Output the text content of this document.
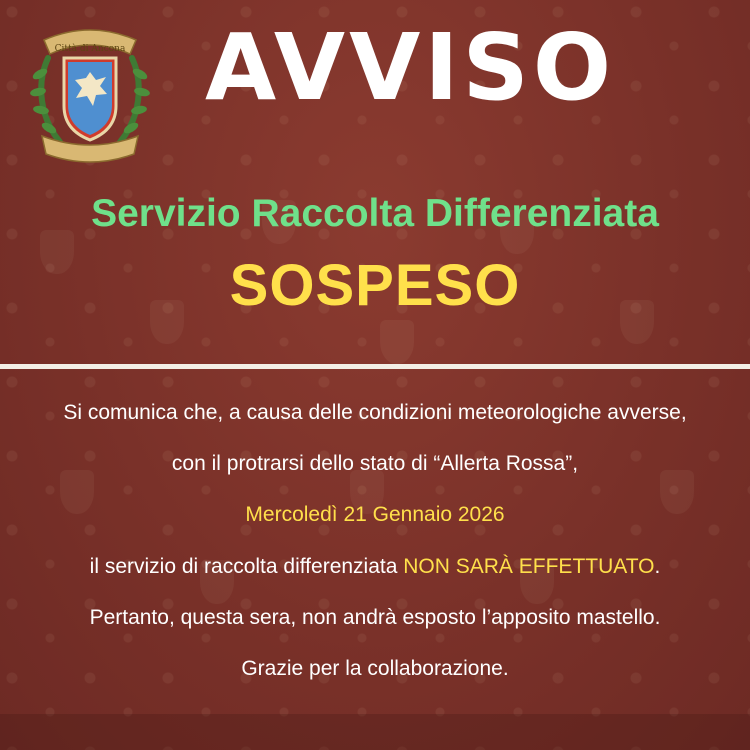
Città di Ancona AVVISO
Servizio Raccolta Differenziata
SOSPESO

Si comunica che, a causa delle condizioni meteorologiche avverse,

con il protrarsi dello stato di “Allerta Rossa”,

Mercoledì 21 Gennaio 2026

il servizio di raccolta differenziata NON SARÀ EFFETTUATO.

Pertanto, questa sera, non andrà esposto l’apposito mastello.

Grazie per la collaborazione.
